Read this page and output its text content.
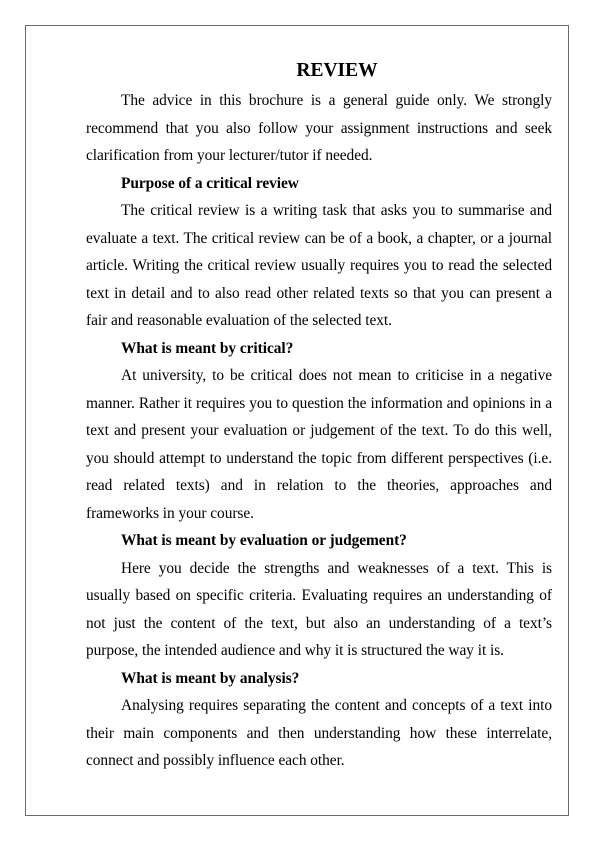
REVIEW

The advice in this brochure is a general guide only. We strongly recommend that you also follow your assignment instructions and seek clarification from your lecturer/tutor if needed.

Purpose of a critical review

The critical review is a writing task that asks you to summarise and evaluate a text. The critical review can be of a book, a chapter, or a journal article. Writing the critical review usually requires you to read the selected text in detail and to also read other related texts so that you can present a fair and reasonable evaluation of the selected text.

What is meant by critical?

At university, to be critical does not mean to criticise in a negative manner. Rather it requires you to question the information and opinions in a text and present your evaluation or judgement of the text. To do this well, you should attempt to understand the topic from different perspectives (i.e. read related texts) and in relation to the theories, approaches and frameworks in your course.

What is meant by evaluation or judgement?

Here you decide the strengths and weaknesses of a text. This is usually based on specific criteria. Evaluating requires an understanding of not just the content of the text, but also an understanding of a text’s purpose, the intended audience and why it is structured the way it is.

What is meant by analysis?

Analysing requires separating the content and concepts of a text into their main components and then understanding how these interrelate, connect and possibly influence each other.
